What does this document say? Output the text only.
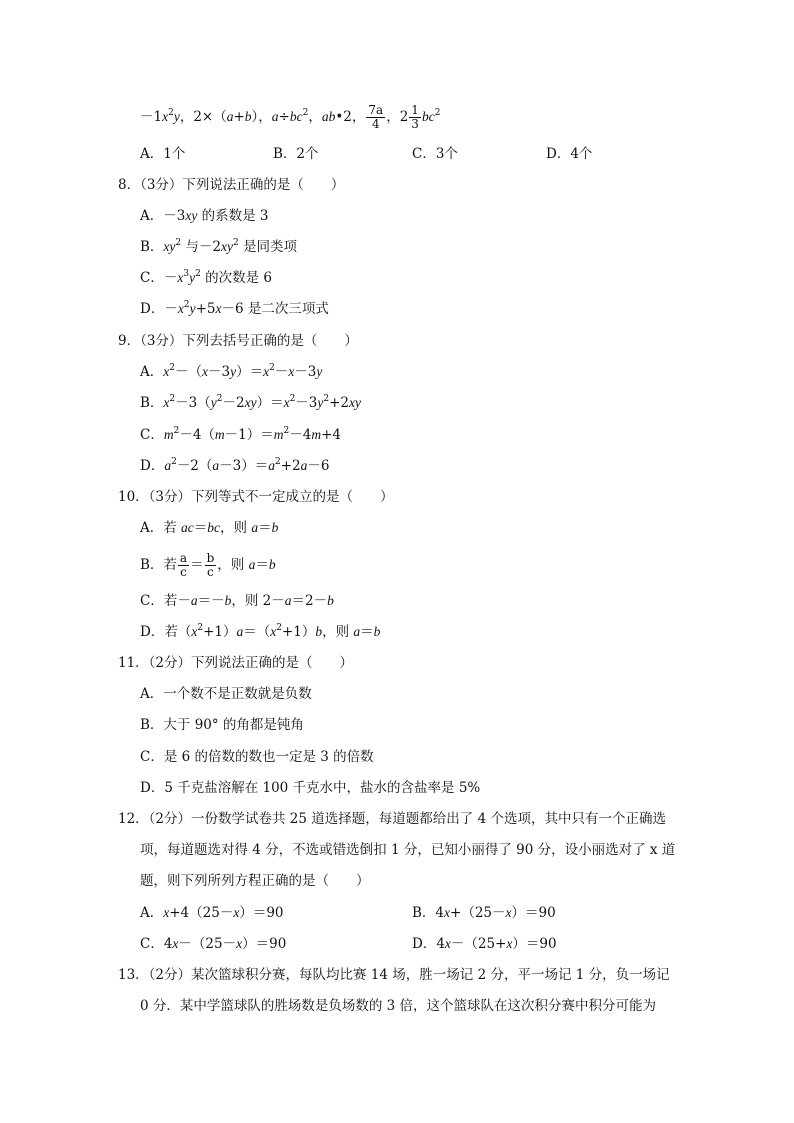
$-1x^2y$，2×（a+b），$a\div bc^2$，ab•2， $\frac{7a}{4}$ ，$2 \frac{1}{3} bc^2$
A．1个	B．2个	C．3个	D．4个
8．（3分）下列说法正确的是（　　）
A．－3xy 的系数是 3
B．$xy^2$ 与$-2xy^2$ 是同类项
C．$-x^3y^2$ 的次数是 6
D．$-x^2y+5x-6$ 是二次三项式
9．（3分）下列去括号正确的是（　　）
A．$x^2-(x-3y)=x^2-x-3y$
B．$x^2-3(y^2-2xy)=x^2-3y^2+2xy$
C．$m^2-4(m-1)=m^2-4m+4$
D．$a^2-2(a-3)=a^2+2a-6$
10．（3分）下列等式不一定成立的是（　　）
A．若 ac＝bc，则 a＝b
B．若 $\frac{a}{c} = \frac{b}{c}$ ，则 a＝b
C．若－a＝－b，则 2－a＝2－b
D．若$(x^2+1)a=(x^2+1)b$，则 a＝b
11．（2分）下列说法正确的是（　　）
A．一个数不是正数就是负数
B．大于 90° 的角都是钝角
C．是 6 的倍数的数也一定是 3 的倍数
D．5 千克盐溶解在 100 千克水中，盐水的含盐率是 5%
12．（2分）一份数学试卷共 25 道选择题，每道题都给出了 4 个选项，其中只有一个正确选
项，每道题选对得 4 分，不选或错选倒扣 1 分，已知小丽得了 90 分，设小丽选对了 x 道
题，则下列所列方程正确的是（　　）
A．x+4（25－x）＝90	B．4x+（25－x）＝90
C．4x－（25－x）＝90	D．4x－（25+x）＝90
13．（2分）某次篮球积分赛，每队均比赛 14 场，胜一场记 2 分，平一场记 1 分，负一场记
0 分．某中学篮球队的胜场数是负场数的 3 倍，这个篮球队在这次积分赛中积分可能为
